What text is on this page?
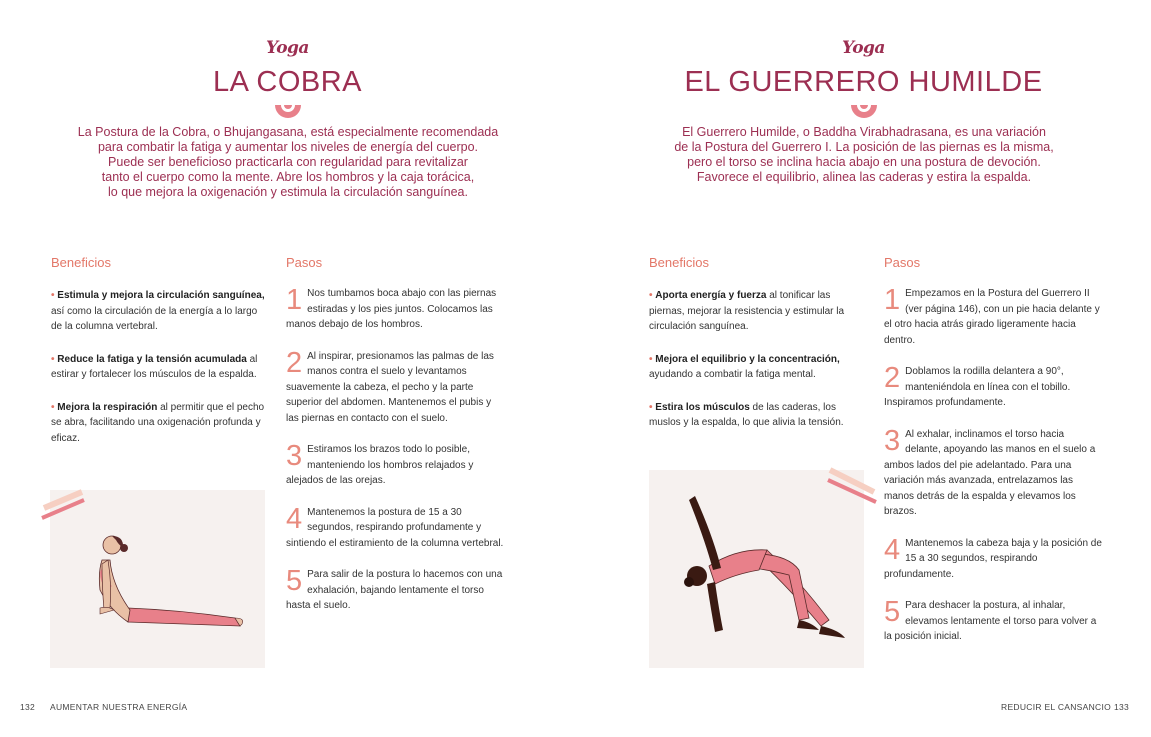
Yoga
LA COBRA

La Postura de la Cobra, o Bhujangasana, está especialmente recomendada

para combatir la fatiga y aumentar los niveles de energía del cuerpo.

Puede ser beneficioso practicarla con regularidad para revitalizar

tanto el cuerpo como la mente. Abre los hombros y la caja torácica,

lo que mejora la oxigenación y estimula la circulación sanguínea.

Beneficios

• Estimula y mejora la circulación sanguínea, así como la circulación de la energía a lo largo de la columna vertebral.

• Reduce la fatiga y la tensión acumulada al estirar y fortalecer los músculos de la espalda.

• Mejora la respiración al permitir que el pecho se abra, facilitando una oxigenación profunda y eficaz.

Pasos
1 Nos tumbamos boca abajo con las piernas estiradas y los pies juntos. Colocamos las manos debajo de los hombros.
2 Al inspirar, presionamos las palmas de las manos contra el suelo y levantamos suavemente la cabeza, el pecho y la parte superior del abdomen. Mantenemos el pubis y las piernas en contacto con el suelo.
3 Estiramos los brazos todo lo posible, manteniendo los hombros relajados y alejados de las orejas.
4 Mantenemos la postura de 15 a 30 segundos, respirando profundamente y sintiendo el estiramiento de la columna vertebral.
5 Para salir de la postura lo hacemos con una exhalación, bajando lentamente el torso hasta el suelo.
132 AUMENTAR NUESTRA ENERGÍA
Yoga
EL GUERRERO HUMILDE

El Guerrero Humilde, o Baddha Virabhadrasana, es una variación

de la Postura del Guerrero I. La posición de las piernas es la misma,

pero el torso se inclina hacia abajo en una postura de devoción.

Favorece el equilibrio, alinea las caderas y estira la espalda.

Beneficios

• Aporta energía y fuerza al tonificar las piernas, mejorar la resistencia y estimular la circulación sanguínea.

• Mejora el equilibrio y la concentración, ayudando a combatir la fatiga mental.

• Estira los músculos de las caderas, los muslos y la espalda, lo que alivia la tensión.

Pasos
1 Empezamos en la Postura del Guerrero II (ver página 146), con un pie hacia delante y el otro hacia atrás girado ligeramente hacia dentro.
2 Doblamos la rodilla delantera a 90°, manteniéndola en línea con el tobillo. Inspiramos profundamente.
3 Al exhalar, inclinamos el torso hacia delante, apoyando las manos en el suelo a ambos lados del pie adelantado. Para una variación más avanzada, entrelazamos las manos detrás de la espalda y elevamos los brazos.
4 Mantenemos la cabeza baja y la posición de 15 a 30 segundos, respirando profundamente.
5 Para deshacer la postura, al inhalar, elevamos lentamente el torso para volver a la posición inicial.
REDUCIR EL CANSANCIO 133
